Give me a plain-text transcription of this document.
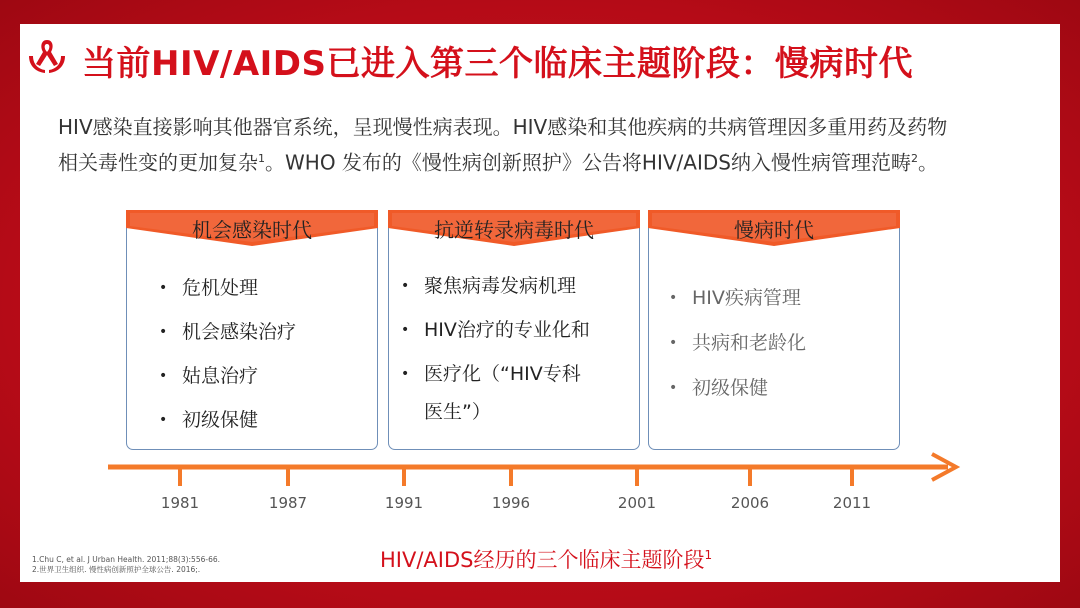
当前HIV/AIDS已进入第三个临床主题阶段：慢病时代
HIV感染直接影响其他器官系统，呈现慢性病表现。HIV感染和其他疾病的共病管理因多重用药及药物相关毒性变的更加复杂$^1$。WHO 发布的《慢性病创新照护》公告将HIV/AIDS纳入慢性病管理范畴$^2$。
机会感染时代
• 危机处理
• 机会感染治疗
• 姑息治疗
• 初级保健
抗逆转录病毒时代
• 聚焦病毒发病机理
• HIV治疗的专业化和
• 医疗化（“HIV专科
医生”）
慢病时代
• HIV疾病管理
• 共病和老龄化
• 初级保健
1981	1987	1991	1996	2001	2006	2011
1.Chu C, et al. J Urban Health. 2011;88(3):556-66.
2.世界卫生组织. 慢性病创新照护全球公告. 2016;.	HIV/AIDS经历的三个临床主题阶段$^1$
